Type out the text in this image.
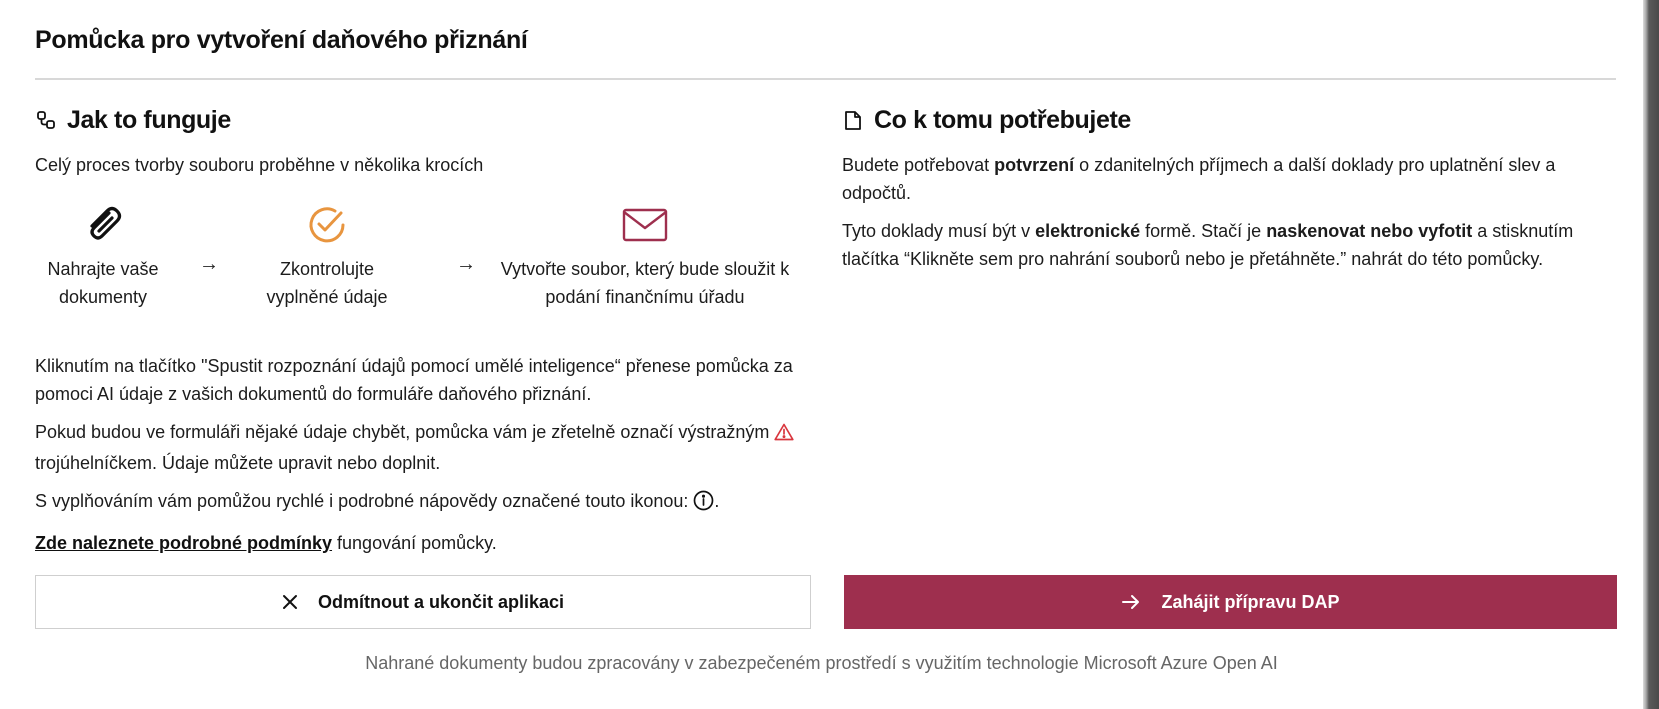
Pomůcka pro vytvoření daňového přiznání
Jak to funguje
Celý proces tvorby souboru proběhne v několika krocích
Nahrajte vaše
dokumenty
→	Zkontrolujte
vyplněné údaje
→	Vytvořte soubor, který bude sloužit k
podání finančnímu úřadu

Kliknutím na tlačítko "Spustit rozpoznání údajů pomocí umělé inteligence“ přenese pomůcka za pomoci AI údaje z vašich dokumentů do formuláře daňového přiznání.

Pokud budou ve formuláři nějaké údaje chybět, pomůcka vám je zřetelně označí výstražným trojúhelníčkem. Údaje můžete upravit nebo doplnit.

S vyplňováním vám pomůžou rychlé i podrobné nápovědy označené touto ikonou: .

Zde naleznete podrobné podmínky fungování pomůcky.

Co k tomu potřebujete

Budete potřebovat potvrzení o zdanitelných příjmech a další doklady pro uplatnění slev a odpočtů.

Tyto doklady musí být v elektronické formě. Stačí je naskenovat nebo vyfotit a stisknutím tlačítka “Klikněte sem pro nahrání souborů nebo je přetáhněte.” nahrát do této pomůcky.

Odmítnout a ukončit aplikaci	Zahájit přípravu DAP
Nahrané dokumenty budou zpracovány v zabezpečeném prostředí s využitím technologie Microsoft Azure Open AI
